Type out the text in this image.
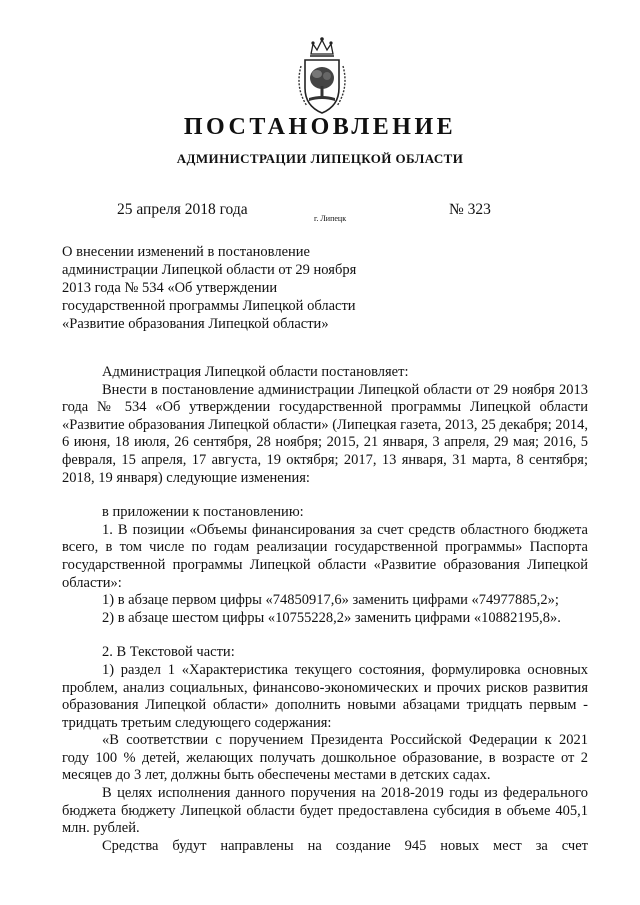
ПОСТАНОВЛЕНИЕ
АДМИНИСТРАЦИИ ЛИПЕЦКОЙ ОБЛАСТИ
25 апреля 2018 года
г. Липецк
№ 323
О внесении изменений в постановление
администрации Липецкой области от 29 ноября
2013 года № 534 «Об утверждении
государственной программы Липецкой области
«Развитие образования Липецкой области»

Администрация Липецкой области постановляет:

Внести в постановление администрации Липецкой области от 29 ноября 2013 года № 534 «Об утверждении государственной программы Липецкой области «Развитие образования Липецкой области» (Липецкая газета, 2013, 25 декабря; 2014, 6 июня, 18 июля, 26 сентября, 28 ноября; 2015, 21 января, 3 апреля, 29 мая; 2016, 5 февраля, 15 апреля, 17 августа, 19 октября; 2017, 13 января, 31 марта, 8 сентября; 2018, 19 января) следующие изменения:

в приложении к постановлению:

1. В позиции «Объемы финансирования за счет средств областного бюджета всего, в том числе по годам реализации государственной программы» Паспорта государственной программы Липецкой области «Развитие образования Липецкой области»:

1) в абзаце первом цифры «74850917,6» заменить цифрами «74977885,2»;

2) в абзаце шестом цифры «10755228,2» заменить цифрами «10882195,8».

2. В Текстовой части:

1) раздел 1 «Характеристика текущего состояния, формулировка основных проблем, анализ социальных, финансово-экономических и прочих рисков развития образования Липецкой области» дополнить новыми абзацами тридцать первым - тридцать третьим следующего содержания:

«В соответствии с поручением Президента Российской Федерации к 2021 году 100 % детей, желающих получать дошкольное образование, в возрасте от 2 месяцев до 3 лет, должны быть обеспечены местами в детских садах.

В целях исполнения данного поручения на 2018-2019 годы из федерального бюджета бюджету Липецкой области будет предоставлена субсидия в объеме 405,1 млн. рублей.

Средства будут направлены на создание 945 новых мест за счет
